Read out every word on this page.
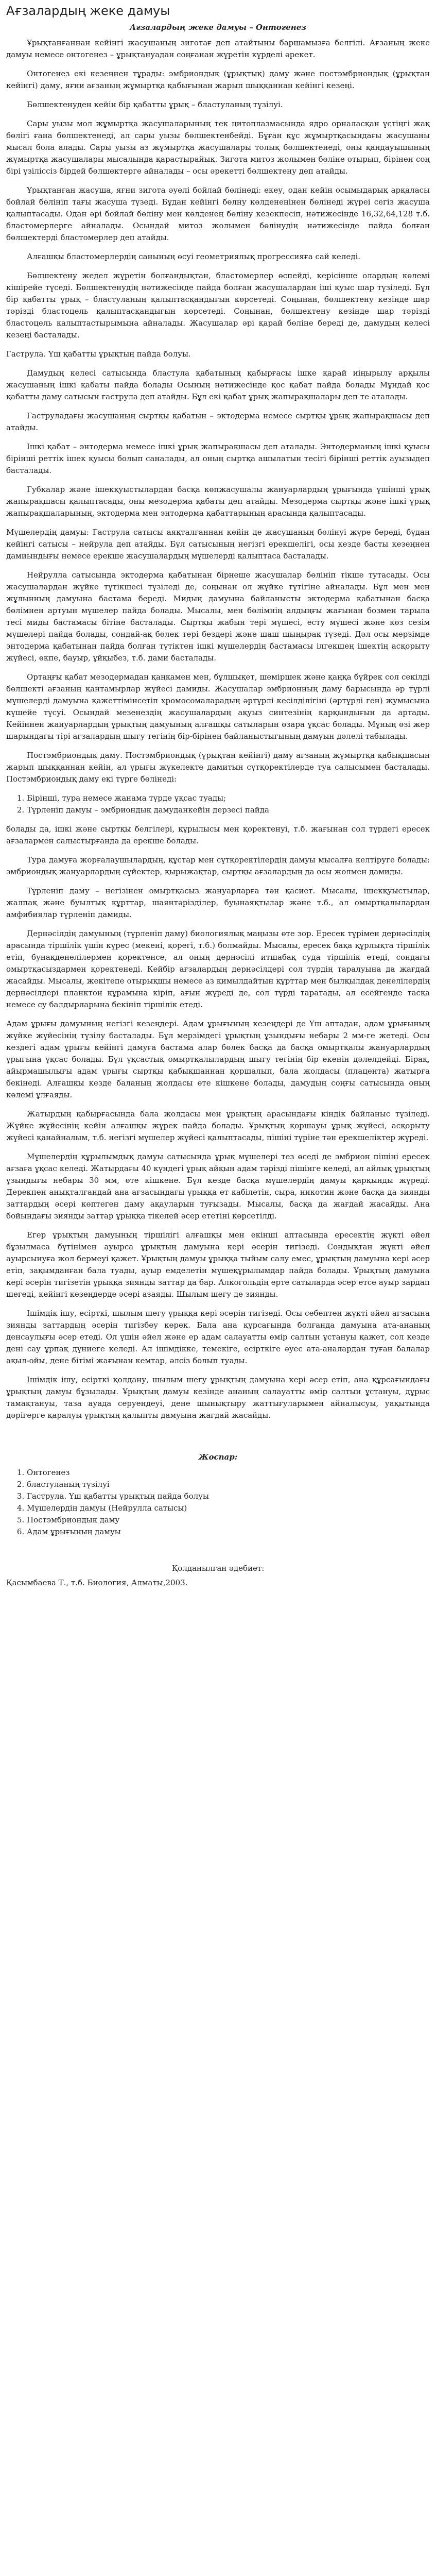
Ағзалардың жеке дамуы
Ағзалардың жеке дамуы – Онтогенез

Ұрықтанғаннан кейінгі жасушаның зиготағ деп атайтыны баршамызға белгілі. Ағзаның жеке дамуы немесе онтогенез – ұрықтануадан соңғанан жүретін күрделі әрекет.

Онтогенез екі кезеңнен тұрады: эмбриондық (ұрықтық) даму және постэмбриондық (ұрықтан кейінгі) даму, яғни ағзаның жұмыртқа қабығынан жарып шыққаннан кейінгі кезеңі.

Бөлшектенуден кейін бір қабатты ұрық – бластуланың түзілуі.

Сары уызы мол жұмыртқа жасушаларының тек цитоплазмасында ядро орналасқан үстіңгі жақ бөлігі ғана бөлшектенеді, ал сары уызы бөлшектенбейді. Бұған құс жұмыртқасындағы жасушаны мысал бола алады. Сары уызы аз жұмыртқа жасушалары толық бөлшектенеді, оны қандауышының жұмыртқа жасушалары мысалында қарастырайық. Зигота митоз жолымен бөліне отырып, бірінен соң бірі үзіліссіз бірдей бөлшектерге айналады – осы әрекетті бөлшектену деп атайды.

Ұрықтанған жасуша, яғни зигота әуелі бойлай бөлінеді: екеу, одан кейін осымыдарық арқаласы бойлай бөлініп тағы жасуша түзеді. Бұдан кейінгі бөлну көлденеңінен бөлінеді жүреі сегіз жасуша қалыптасады. Одан әрі бойлай бөліну мен көлденең бөліну кезекпесіп, нәтижесінде 16,32,64,128 т.б. бластомерлерге айналады. Осындай митоз жолымен бөлінудің нәтижесінде пайда болған бөлшектерді бластомерлер деп атайды.

Алғашқы бластомерлердің санының өсуі геометриялық прогрессияға сай келеді.

Бөлшектену жедел жүретін болғандықтан, бластомерлер өспейді, керісінше олардың көлемі кішірейе түседі. Бөлшектенудің нәтижесінде пайда болған жасушалардан іші қуыс шар түзіледі. Бұл бір қабатты ұрық – бластуланың қалыптасқандығын көрсетеді. Соңынан, бөлшектену кезінде шар тәрізді бластоцель қалыптасқандығын көрсетеді. Соңынан, бөлшектену кезінде шар тәрізді бластоцель қалыптастырымына айналады. Жасушалар әрі қарай бөліне береді де, дамудың келесі кезеңі басталады.

Гаструла. Үш қабатты ұрықтың пайда болуы.

Дамудың келесі сатысында бластула қабатының қабырғасы ішке қарай иіңырылу арқылы жасушаның ішкі қабаты пайда болады Осының нәтижесінде қос қабат пайда болады Мұндай қос қабатты даму сатысын гаструла деп атайды. Бұл екі қабат ұрық жапырақшалары деп те аталады.

Гаструладағы жасушаның сыртқы қабатын – эктодерма немесе сыртқы ұрық жапырақшасы деп атайды.

Ішкі қабат – энтодерма немесе ішкі ұрық жапырақшасы деп аталады. Энтодерманың ішкі қуысы бірінші реттік ішек қуысы болып саналады, ал оның сыртқа ашылатын тесігі бірінші реттік ауызыдеп басталады.

Губкалар және ішекқуыстылардан басқа көпжасушалы жануарлардың ұрығында үшінші ұрық жапырақшасы қалыптасады, оны мезодерма қабаты деп атайды. Мезодерма сыртқы және ішкі ұрық жапырақшаларының, эктодерма мен энтодерма қабаттарының арасында қалыптасады.

Мүшелердің дамуы: Гаструла сатысы аяқталғаннан кейін де жасушаның бөлінуі жүре береді, бұдан кейінгі сатысы – нейрула деп атайды. Бұл сатысының негізгі ерекшелігі, осы кезде басты кезеңнен дамиындығы немесе ерекше жасушалардың мүшелерді қалыптаса басталады.

Нейрулла сатысында эктодерма қабатынан бірнеше жасушалар бөлініп тікше тутасады. Осы жасушалардан жүйке түтікшесі түзіледі де, соңынан ол жүйке түтігіне айналады. Бұл мен мен жұлынның дамуына бастама береді. Мидың дамуына байланысты эктодерма қабатынан басқа бөлімнен артуын мүшелер пайда болады. Мысалы, мен бөлімнің алдыңғы жағынан бозмен тарыла тесі миды бастамасы бітіне басталады. Сыртқы жабын тері мүшесі, есту мүшесі және көз сезім мүшелері пайда болады, сондай-ақ бөлек тері бездері және шаш шыңырақ түзеді. Дәл осы мерзімде энтодерма қабатынан пайда болған түтіктен ішкі мүшелердің бастамасы ілгекшең ішектің асқорыту жүйесі, өкпе, бауыр, ұйқыбез, т.б. дами басталады.

Ортаңғы қабат мезодермадан қаңқамен мен, бұлшықет, шеміршек және қаңқа бүйрек сол секілді бөлшекті ағзаның қантамырлар жүйесі дамиды. Жасушалар эмбрионның даму барысында әр түрлі мүшелерді дамуына қажеттімінсетіп хромосомаларадың әртүрлі кесілділігіні (әртүрлі ген) жумысына күшейе түсуі. Осындай мезенездің жасушалардың ақуыз синтезінің қарқындығын да артады. Кейіннен жануарлардың ұрықтың дамуының алғашқы сатыларын өзара ұқсас болады. Мұның өзі жер шарындағы тірі ағзалардың шығу тегінің бір-бірінен байланыстығының дамуын дәлелі табылады.

Постэмбриондық даму. Постэмбриондық (ұрықтан кейінгі) даму ағзаның жұмыртқа қабықшасын жарып шыққаннан кейін, ал ұрығы жүкелекте дамитын сүтқоректілерде туа салысымен басталады. Постэмбриондық даму екі түрге бөлінеді:

1. Бірінші, тура немесе жанама түрде ұқсас туады;
2. Түрленіп дамуы – эмбриондық дамуданкейін дерзесі пайда

болады да, ішкі және сыртқы белгілері, құрылысы мен қоректенуі, т.б. жағынан сол түрдегі ересек ағзалармен салыстырғанда да ерекше болады.

Тура дамуға жорғалаушылардың, құстар мен сүтқоректілердің дамуы мысалға келтіруге болады: эмбриондық жануарлардың сүйектер, қырыжақтар, сыртқы ағзалардың да осы жолмен дамиды.

Түрленіп даму – негізінен омыртқасыз жануарларға тән қасиет. Мысалы, ішекқуыстылар, жалпақ және буылтық құрттар, шаянтәрізділер, буынаяқтылар және т.б., ал омыртқалылардан амфибиялар түрленіп дамиды.

Дернәсілдің дамуының (түрленіп даму) биологиялық маңызы өте зор. Ересек түрімен дернәсілдің арасында тіршілік үшін күрес (мекені, қорегі, т.б.) болмайды. Мысалы, ересек бақа құрлықта тіршілік етіп, бунақденелілермен қоректенсе, ал оның дернәсілі итшабақ суда тіршілік етеді, сондағы омыртқасыздармен қоректенеді. Кейбір ағзалардың дернәсілдері сол түрдің таралуына да жағдай жасайды. Мысалы, жекітепе отырықшы немесе аз қимылдайтын құрттар мен былқылдақ денелілердің дернәсілдері планктон құрамына кіріп, ағын жүреді де, сол түрді таратады, ал есейгенде тасқа немесе су балдырларына бекініп тіршілік етеді.

Адам ұрығы дамуының негізгі кезеңдері. Адам ұрығының кезеңдері де Үш аптадан, адам ұрығының жүйке жүйесінің түзілу басталады. Бұл мерзімдегі ұрықтың ұзындығы небары 2 мм-ге жетеді. Осы кездегі адам ұрығы кейінгі дамуға бастама алар бөлек басқа да басқа омыртқалы жануарлардың ұрығына ұқсас болады. Бұл ұқсастық омыртқалылардың шығу тегінің бір екенін дәлелдейді. Бірақ, айырмашылығы адам ұрығы сыртқы қабықшаннан қоршалып, бала жолдасы (плацента) жатырға бекінеді. Алғашқы кезде баланың жолдасы өте кішкене болады, дамудың соңғы сатысында оның көлемі ұлғаяды.

Жатырдың қабырғасында бала жолдасы мен ұрықтың арасындағы кіндік байланыс түзіледі. Жүйке жүйесінің кейін алғашқы жүрек пайда болады. Ұрықтың қоршауы ұрық жүйесі, асқорыту жүйесі қанайналым, т.б. негізгі мүшелер жүйесі қалыптасады, пішіні түріне тән ерекшеліктер жүреді.

Мүшелердің құрылымдық дамуы сатысында ұрық мүшелері тез өседі де эмбрион пішіні ересек ағзаға ұқсас келеді. Жатырдағы 40 күндегі ұрық айқын адам тәрізді пішінге келеді, ал айлық ұрықтың ұзындығы небары 30 мм, өте кішкене. Бұл кезде басқа мүшелердің дамуы қарқынды жүреді. Дерекпен анықталғандай ана ағзасындағы ұрыққа ет қабілетін, сыра, никотин және басқа да зиянды заттардың әсері көптеген даму ақауларын туғызады. Мысалы, басқа да жағдай жасайды. Ана бойындағы зиянды заттар ұрыққа тікелей әсер ететіні көрсетілді.

Егер ұрықтың дамуының тіршілігі алғашқы мен екінші аптасында ересектің жүкті әйел бұзылмаса бүтінімен ауырса ұрықтың дамуына кері әсерін тигізеді. Сондықтан жүкті әйел ауырсынуға жол бермеуі қажет. Ұрықтың дамуы ұрыққа тыйым салу емес, ұрықтың дамуына кері әсер етіп, зақымданған бала туады, ауыр емделетін мүшеқұрылымдар пайда болады. Ұрықтың дамуына кері әсерін тигізетін ұрыққа зиянды заттар да бар. Алкогольдің ерте сатыларда әсер етсе ауыр зардап шегеді, кейінгі кезеңдерде әсері азаяды. Шылым шегу де зиянды.

Ішімдік ішу, есірткі, шылым шегу ұрыққа кері әсерін тигізеді. Осы себептен жүкті әйел ағзасына зиянды заттардың әсерін тигізбеу керек. Бала ана құрсағында болғанда дамуына ата-ананың денсаулығы әсер етеді. Ол үшін әйел және ер адам салауатты өмір салтын ұстануы қажет, сол кезде дені сау ұрпақ дүниеге келеді. Ал ішімдікке, темекіге, есірткіге әуес ата-аналардан туған балалар ақыл-ойы, дене бітімі жағынан кемтар, әлсіз болып туады.

Ішімдік ішу, есірткі қолдану, шылым шегу ұрықтың дамуына кері әсер етіп, ана құрсағындағы ұрықтың дамуы бұзылады. Ұрықтың дамуы кезінде ананың салауатты өмір салтын ұстануы, дұрыс тамақтануы, таза ауада серуендеуі, дене шынықтыру жаттығуларымен айналысуы, уақытында дәрігерге қаралуы ұрықтың қалыпты дамуына жағдай жасайды.

Жоспар:
1. Онтогенез
2. бластуланың түзілуі
3. Гаструла. Үш қабатты ұрықтың пайда болуы
4. Мүшелердің дамуы (Нейрулла сатысы)
5. Постэмбриондық даму
6. Адам ұрығының дамуы
Қолданылған әдебиет:

Қасымбаева Т., т.б. Биология, Алматы,2003.
